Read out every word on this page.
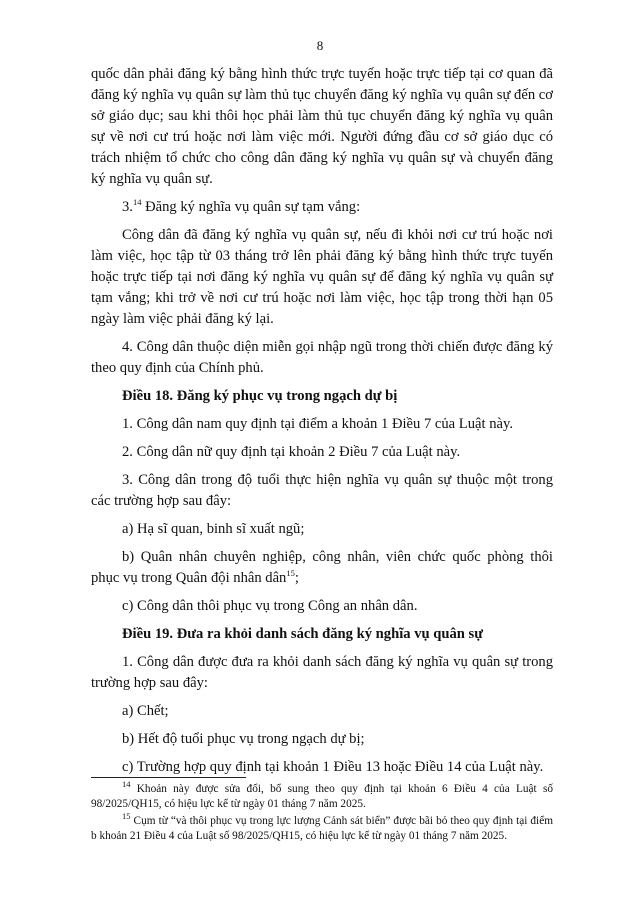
8

quốc dân phải đăng ký bằng hình thức trực tuyến hoặc trực tiếp tại cơ quan đã đăng ký nghĩa vụ quân sự làm thủ tục chuyển đăng ký nghĩa vụ quân sự đến cơ sở giáo dục; sau khi thôi học phải làm thủ tục chuyển đăng ký nghĩa vụ quân sự về nơi cư trú hoặc nơi làm việc mới. Người đứng đầu cơ sở giáo dục có trách nhiệm tổ chức cho công dân đăng ký nghĩa vụ quân sự và chuyển đăng ký nghĩa vụ quân sự.

3.14 Đăng ký nghĩa vụ quân sự tạm vắng:

Công dân đã đăng ký nghĩa vụ quân sự, nếu đi khỏi nơi cư trú hoặc nơi làm việc, học tập từ 03 tháng trở lên phải đăng ký bằng hình thức trực tuyến hoặc trực tiếp tại nơi đăng ký nghĩa vụ quân sự để đăng ký nghĩa vụ quân sự tạm vắng; khi trở về nơi cư trú hoặc nơi làm việc, học tập trong thời hạn 05 ngày làm việc phải đăng ký lại.

4. Công dân thuộc diện miễn gọi nhập ngũ trong thời chiến được đăng ký theo quy định của Chính phủ.

Điều 18. Đăng ký phục vụ trong ngạch dự bị

1. Công dân nam quy định tại điểm a khoản 1 Điều 7 của Luật này.

2. Công dân nữ quy định tại khoản 2 Điều 7 của Luật này.

3. Công dân trong độ tuổi thực hiện nghĩa vụ quân sự thuộc một trong các trường hợp sau đây:

a) Hạ sĩ quan, binh sĩ xuất ngũ;

b) Quân nhân chuyên nghiệp, công nhân, viên chức quốc phòng thôi phục vụ trong Quân đội nhân dân$^{15}$;

c) Công dân thôi phục vụ trong Công an nhân dân.

Điều 19. Đưa ra khỏi danh sách đăng ký nghĩa vụ quân sự

1. Công dân được đưa ra khỏi danh sách đăng ký nghĩa vụ quân sự trong trường hợp sau đây:

a) Chết;

b) Hết độ tuổi phục vụ trong ngạch dự bị;

c) Trường hợp quy định tại khoản 1 Điều 13 hoặc Điều 14 của Luật này.

$^{14}$ Khoản này được sửa đổi, bổ sung theo quy định tại khoản 6 Điều 4 của Luật số 98/2025/QH15, có hiệu lực kể từ ngày 01 tháng 7 năm 2025.

$^{15}$ Cụm từ “và thôi phục vụ trong lực lượng Cảnh sát biển” được bãi bỏ theo quy định tại điểm b khoản 21 Điều 4 của Luật số 98/2025/QH15, có hiệu lực kể từ ngày 01 tháng 7 năm 2025.
